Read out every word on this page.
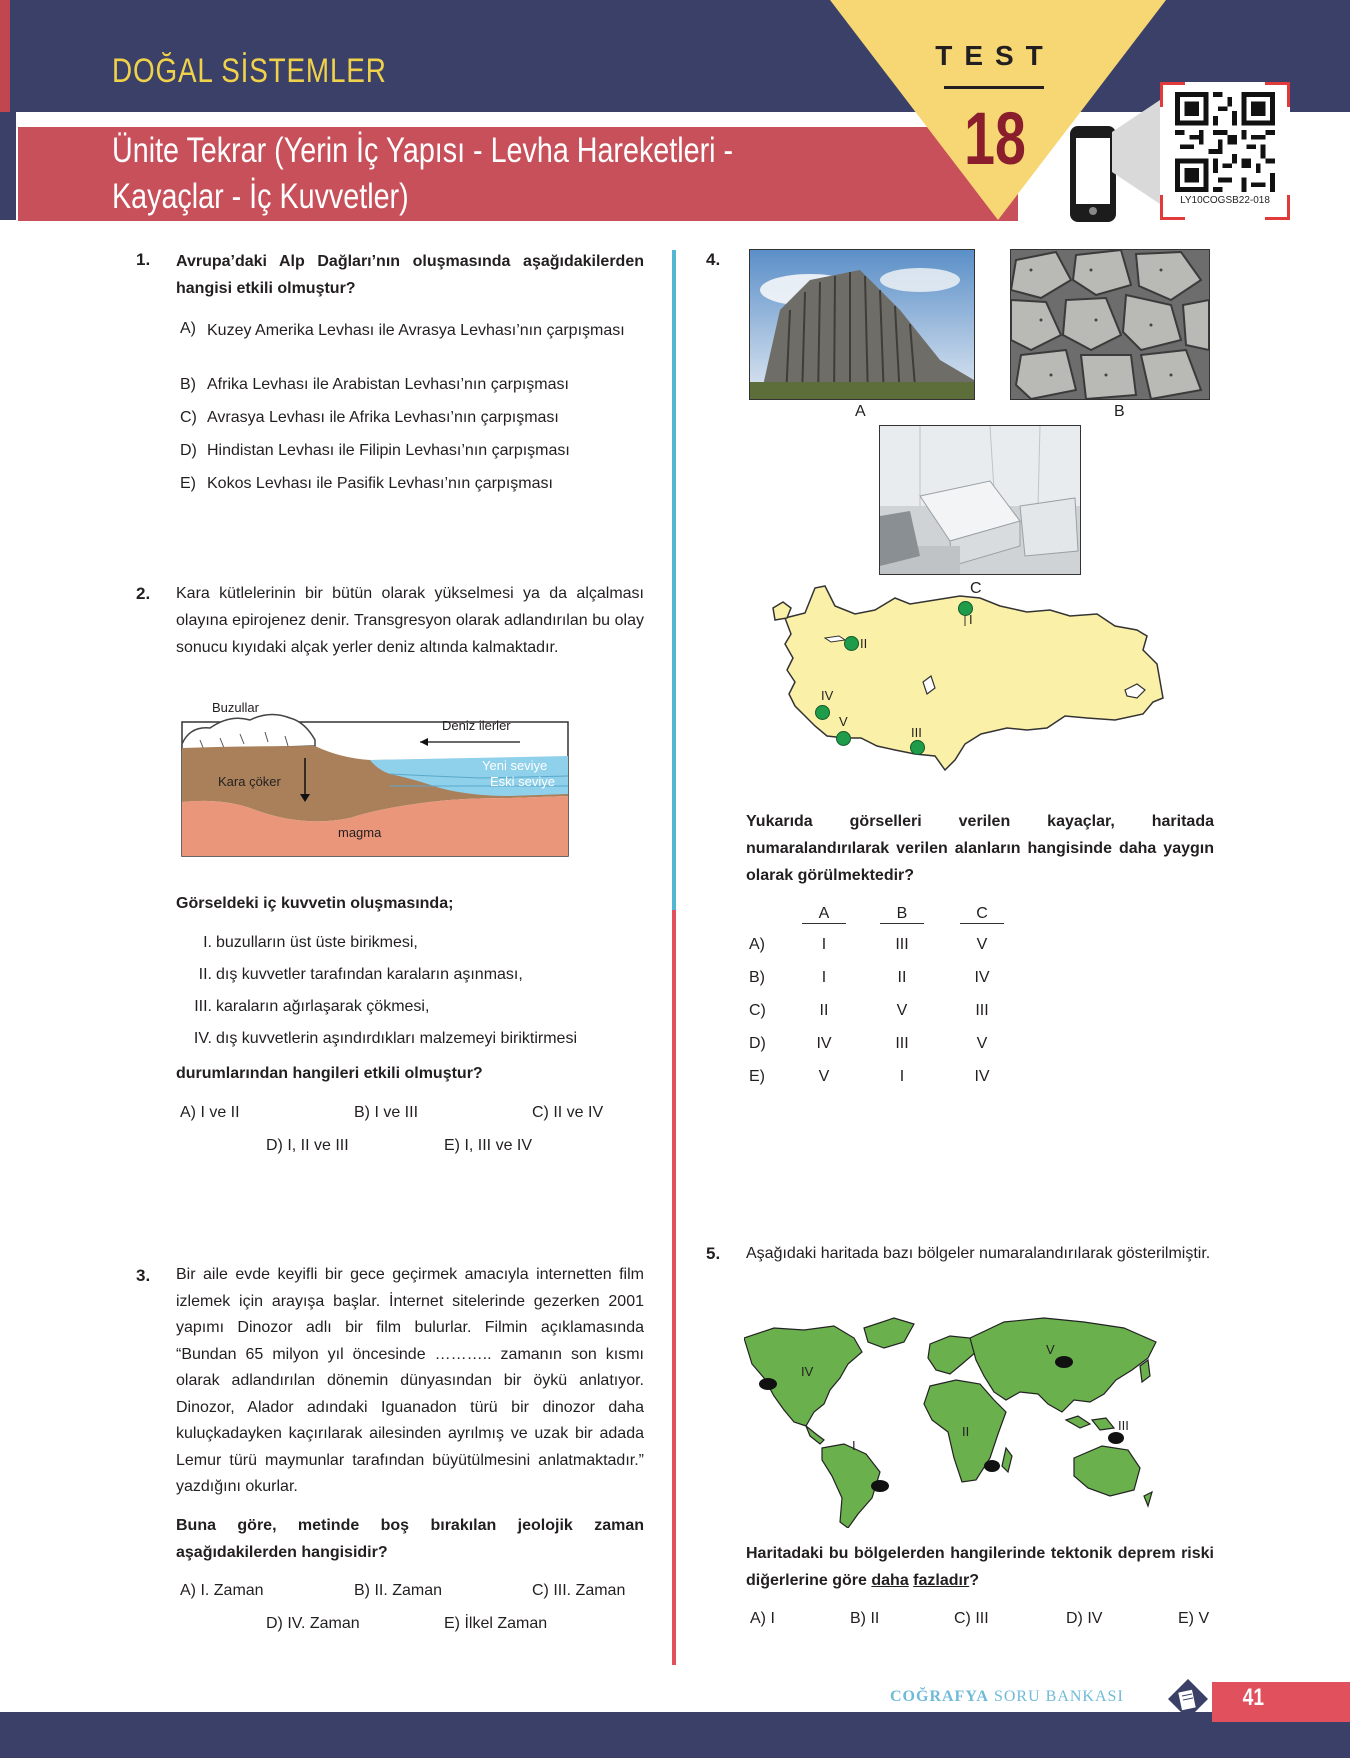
DOĞAL SİSTEMLER
Ünite Tekrar (Yerin İç Yapısı - Levha Hareketleri - Kayaçlar - İç Kuvvetler)
TEST
18
LY10COGSB22-018
1. Avrupa’daki Alp Dağları’nın oluşmasında aşağıdakilerden hangisi etkili olmuştur?
A) Kuzey Amerika Levhası ile Avrasya Levhası’nın çarpışması
B) Afrika Levhası ile Arabistan Levhası’nın çarpışması
C) Avrasya Levhası ile Afrika Levhası’nın çarpışması
D) Hindistan Levhası ile Filipin Levhası’nın çarpışması
E) Kokos Levhası ile Pasifik Levhası’nın çarpışması
2. Kara kütlelerinin bir bütün olarak yükselmesi ya da alçalması olayına epirojenez denir. Transgresyon olarak adlandırılan bu olay sonucu kıyıdaki alçak yerler deniz altında kalmaktadır.
Buzullar
Deniz ilerler
Kara çöker
Yeni seviye
Eski seviye
magma
Görseldeki iç kuvvetin oluşmasında;
I. buzulların üst üste birikmesi,
II. dış kuvvetler tarafından karaların aşınması,
III. karaların ağırlaşarak çökmesi,
IV. dış kuvvetlerin aşındırdıkları malzemeyi biriktirmesi
durumlarından hangileri etkili olmuştur?
A) I ve II	B) I ve III	C) II ve IV
D) I, II ve III	E) I, III ve IV
3. Bir aile evde keyifli bir gece geçirmek amacıyla internetten film izlemek için arayışa başlar. İnternet sitelerinde gezerken 2001 yapımı Dinozor adlı bir film bulurlar. Filmin açıklamasında “Bundan 65 milyon yıl öncesinde ……….. zamanın son kısmı olarak adlandırılan dönemin dünyasından bir öykü anlatıyor. Dinozor, Alador adındaki Iguanadon türü bir dinozor daha kuluçkadayken kaçırılarak ailesinden ayrılmış ve uzak bir adada Lemur türü maymunlar tarafından büyütülmesini anlatmaktadır.” yazdığını okurlar.
Buna göre, metinde boş bırakılan jeolojik zaman aşağıdakilerden hangisidir?
A) I. Zaman	B) II. Zaman	C) III. Zaman
D) IV. Zaman	E) İlkel Zaman
4.
A	B
I
II
III
IV
V
C
Yukarıda görselleri verilen kayaçlar, haritada numaralandırılarak verilen alanların hangisinde daha yaygın olarak görülmektedir?
	A	B	C
A)	I	III	V
B)	I	II	IV
C)	II	V	III
D)	IV	III	V
E)	V	I	IV
5. Aşağıdaki haritada bazı bölgeler numaralandırılarak gösterilmiştir.
I
II	III
IV
V
Haritadaki bu bölgelerden hangilerinde tektonik deprem riski diğerlerine göre daha fazladır?
A) I	B) II	C) III	D) IV	E) V
COĞRAFYA SORU BANKASI	41
